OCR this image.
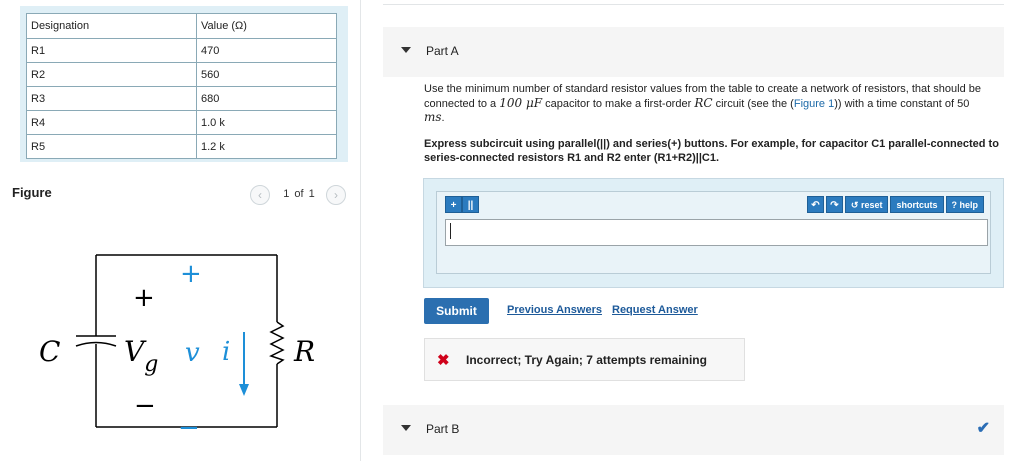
Designation	Value (Ω)
R1	470
R2	560
R3	680
R4	1.0 k
R5	1.2 k
Figure	‹	1 of 1	›
C
+
+
$V_g$ v i R
−
−
Part A
Use the minimum number of standard resistor values from the table to create a network of resistors, that should be connected to a 100 μF capacitor to make a first-order RC circuit (see the (Figure 1)) with a time constant of 50 ms.
Express subcircuit using parallel(||) and series(+) buttons. For example, for capacitor C1 parallel-connected to series-connected resistors R1 and R2 enter (R1+R2)||C1.
+	||	↶	↷	↺ reset	shortcuts	? help
Submit	Previous Answers Request Answer
✖ Incorrect; Try Again; 7 attempts remaining
Part B	✔
